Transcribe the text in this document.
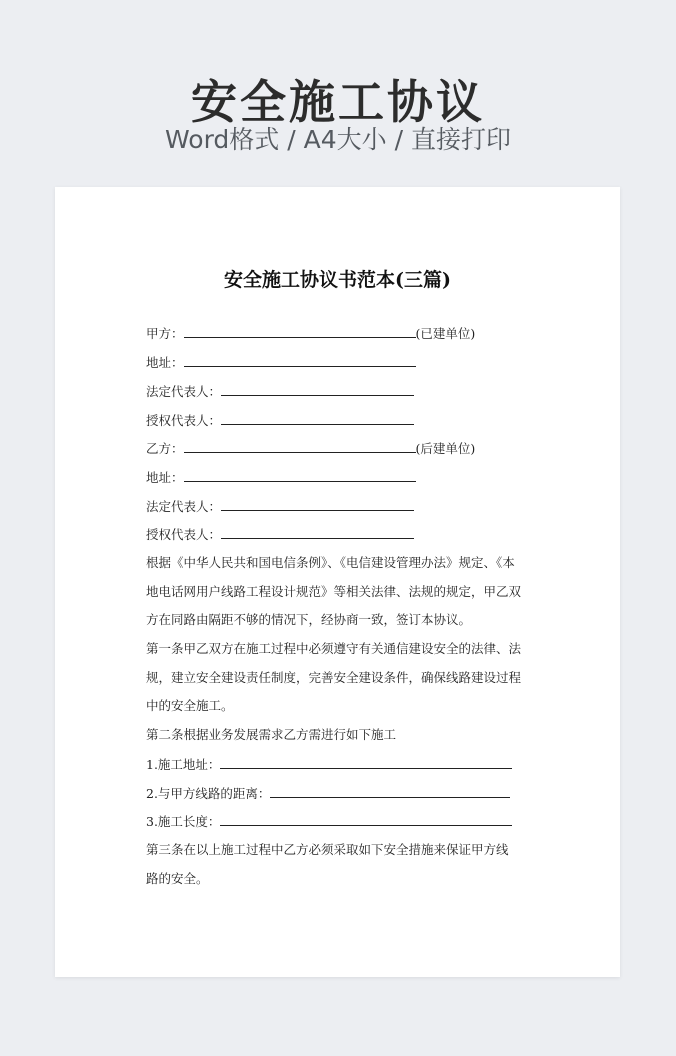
安全施工协议
Word格式 / A4大小 / 直接打印
安全施工协议书范本(三篇)
甲方：	(已建单位)
地址：
法定代表人：
授权代表人：
乙方：	(后建单位)
地址：
法定代表人：
授权代表人：
根据《中华人民共和国电信条例》、《电信建设管理办法》规定、《本
地电话网用户线路工程设计规范》等相关法律、法规的规定，甲乙双
方在同路由隔距不够的情况下，经协商一致，签订本协议。
第一条甲乙双方在施工过程中必须遵守有关通信建设安全的法律、法
规，建立安全建设责任制度，完善安全建设条件，确保线路建设过程
中的安全施工。
第二条根据业务发展需求乙方需进行如下施工
1.施工地址：
2.与甲方线路的距离：
3.施工长度：
第三条在以上施工过程中乙方必须采取如下安全措施来保证甲方线
路的安全。
